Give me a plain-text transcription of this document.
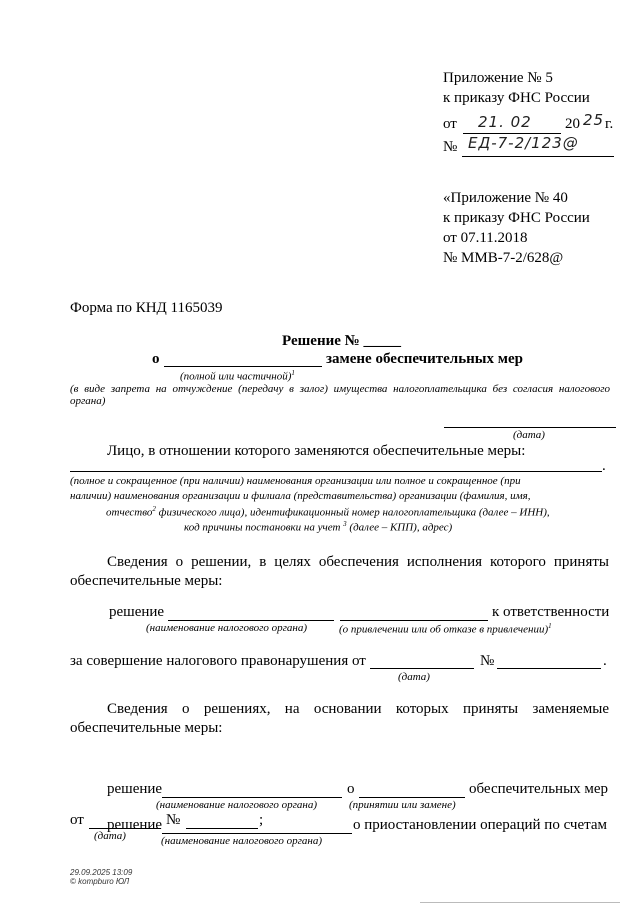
Приложение № 5
к приказу ФНС России
от 21. 02 20 25 г.
№ ЕД-7-2/123@
«Приложение № 40
к приказу ФНС России
от 07.11.2018
№ ММВ-7-2/628@
Форма по КНД 1165039
Решение № _____
о	замене обеспечительных мер
(полной или частичной)$^1$
(в виде запрета на отчуждение (передачу в залог) имущества налогоплательщика без согласия налогового органа)
(дата)
Лицо, в отношении которого заменяются обеспечительные меры:
.
(полное и сокращенное (при наличии) наименования организации или полное и сокращенное (при
наличии) наименования организации и филиала (представительства) организации (фамилия, имя,
отчество$^2$ физического лица), идентификационный номер налогоплательщика (далее – ИНН),
код причины постановки на учет $^3$ (далее – КПП), адрес)
Сведения о решении, в целях обеспечения исполнения которого приняты
обеспечительные меры:
решение	к ответственности
(наименование налогового органа)	(о привлечении или об отказе в привлечении)$^1$
за совершение налогового правонарушения от	№	.
(дата)
Сведения о решениях, на основании которых приняты заменяемые
обеспечительные меры:
решение	о	обеспечительных мер
(наименование налогового органа)	(принятии или замене)
от	№	;
(дата)
решение	о приостановлении операций по счетам
(наименование налогового органа)
29.09.2025 13:09
© kompburo ЮЛ
